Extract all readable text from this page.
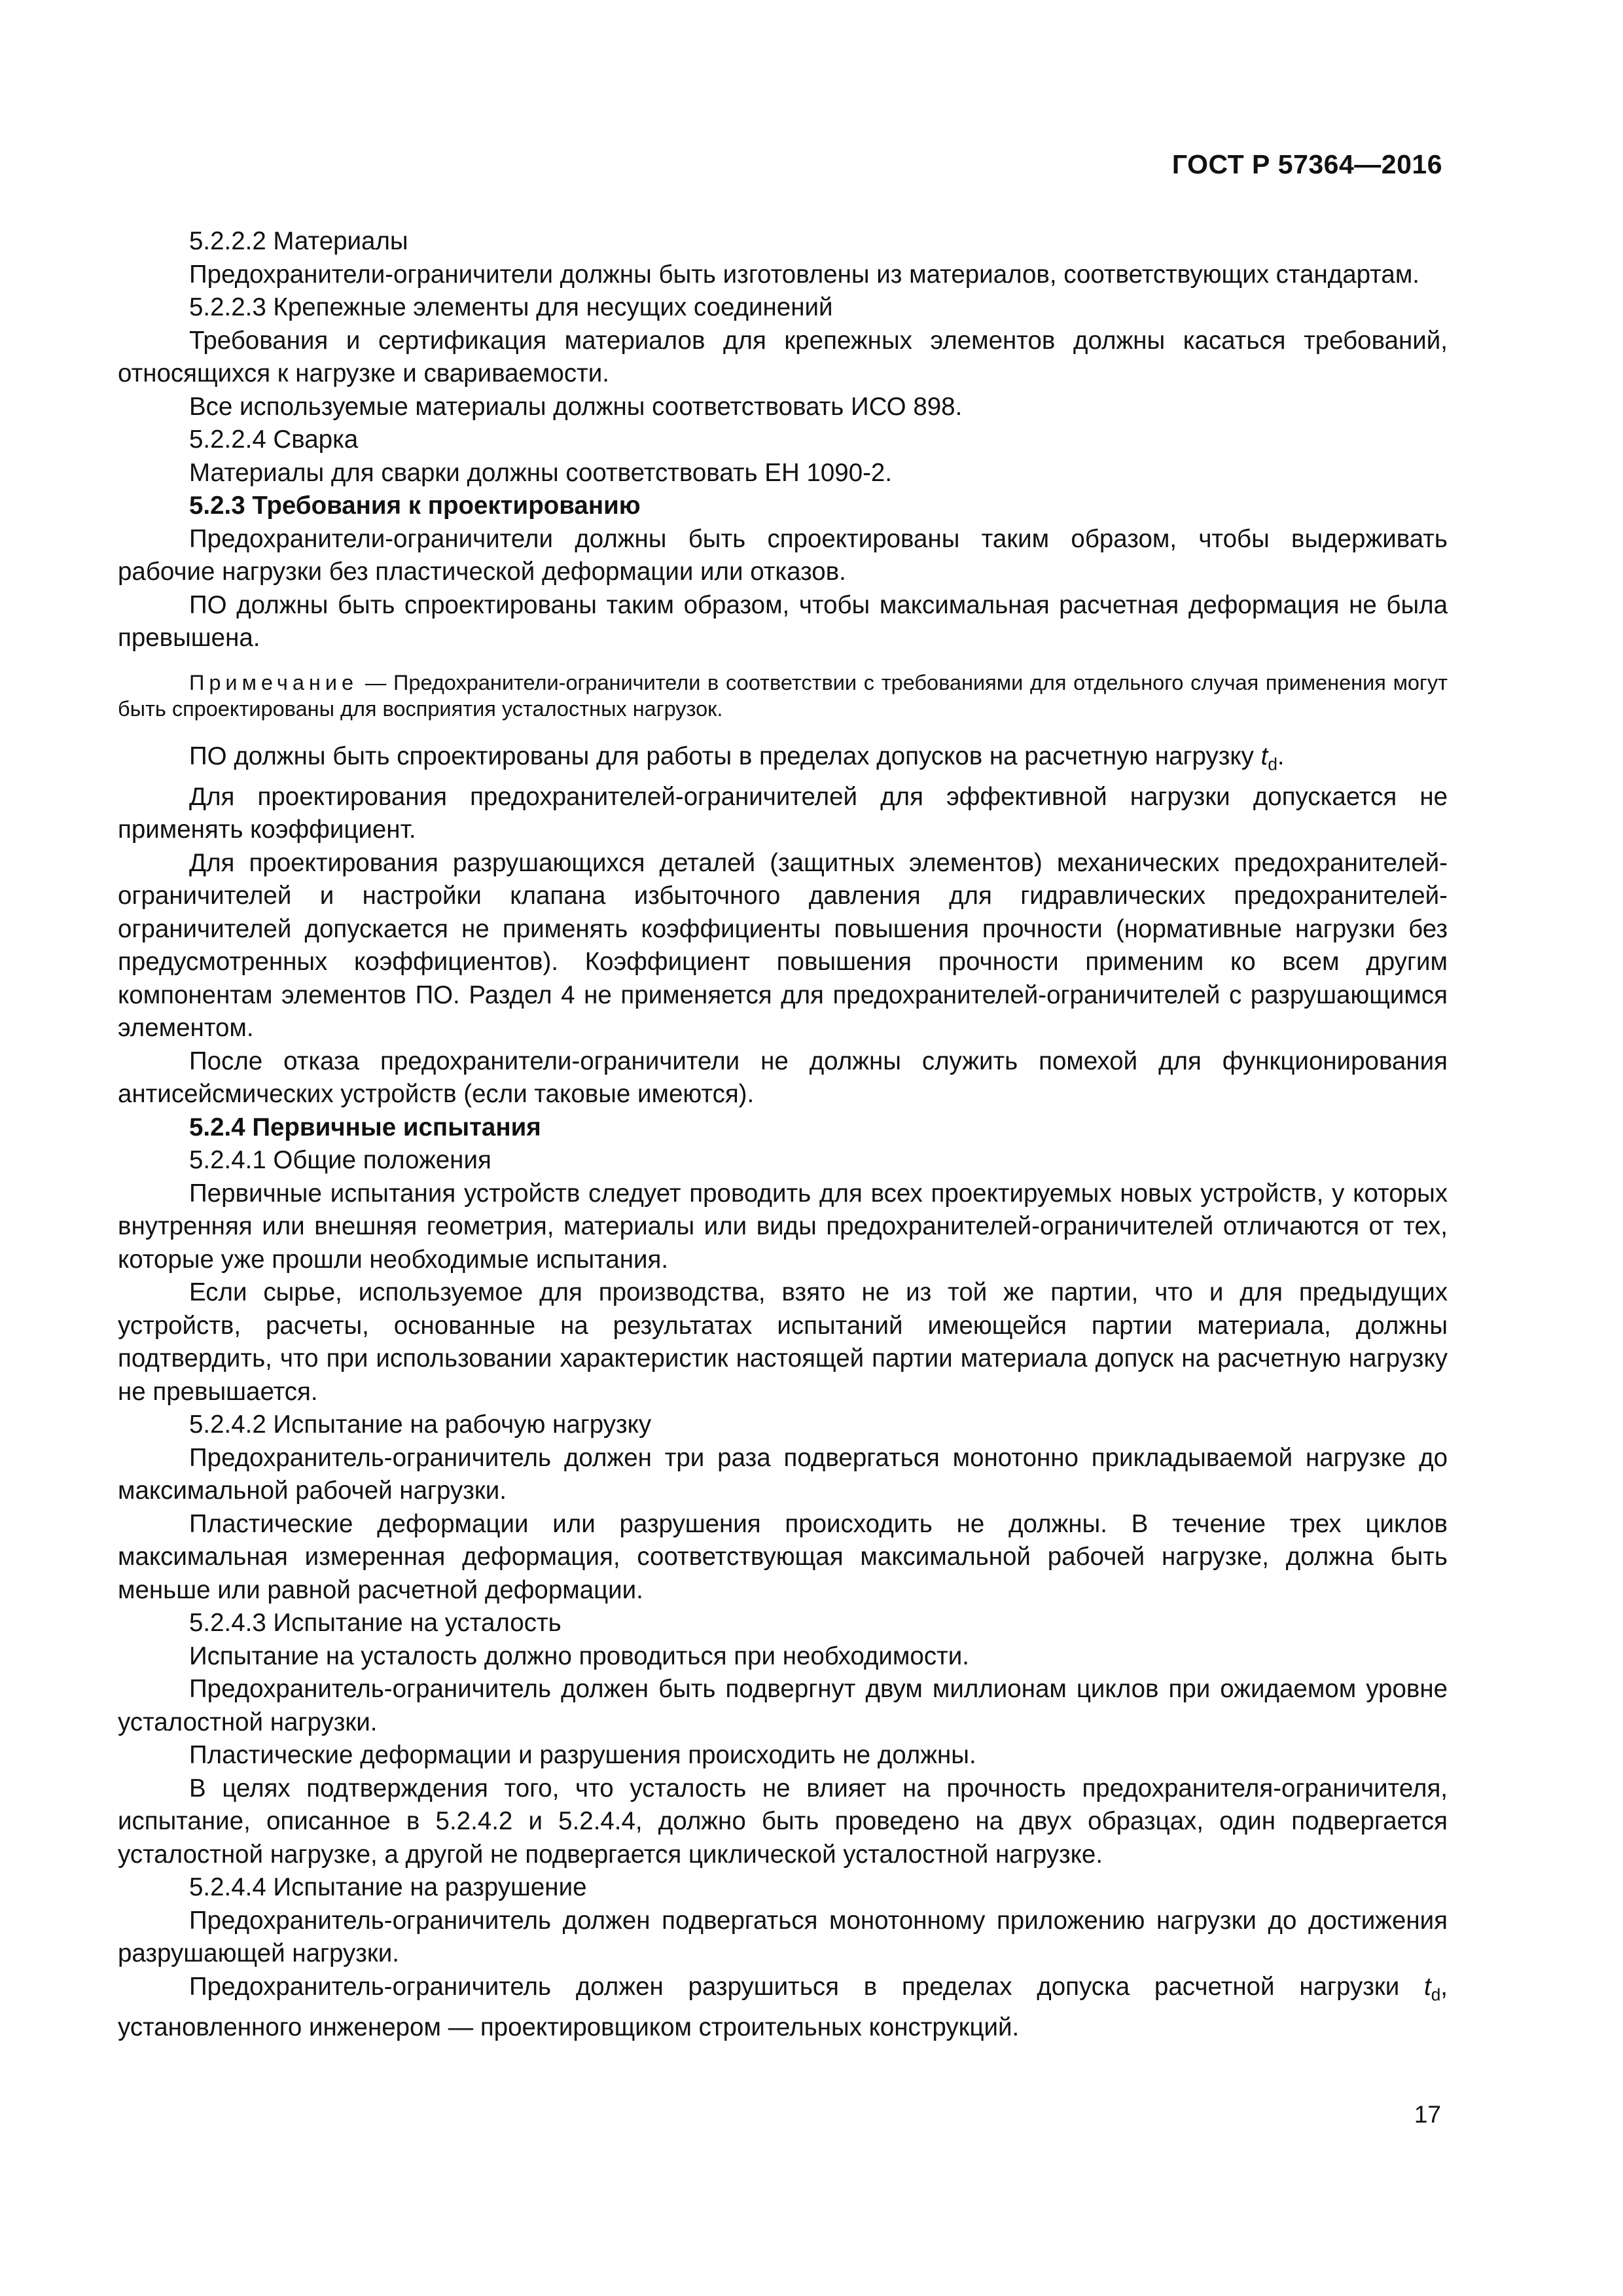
ГОСТ Р 57364—2016

5.2.2.2 Материалы

Предохранители-ограничители должны быть изготовлены из материалов, соответствующих стандартам.

5.2.2.3 Крепежные элементы для несущих соединений

Требования и сертификация материалов для крепежных элементов должны касаться требований, относящихся к нагрузке и свариваемости.

Все используемые материалы должны соответствовать ИСО 898.

5.2.2.4 Сварка

Материалы для сварки должны соответствовать ЕН 1090-2.

5.2.3 Требования к проектированию

Предохранители-ограничители должны быть спроектированы таким образом, чтобы выдерживать рабочие нагрузки без пластической деформации или отказов.

ПО должны быть спроектированы таким образом, чтобы максимальная расчетная деформация не была превышена.

Примечание — Предохранители-ограничители в соответствии с требованиями для отдельного случая применения могут быть спроектированы для восприятия усталостных нагрузок.

ПО должны быть спроектированы для работы в пределах допусков на расчетную нагрузку $t_d$.

Для проектирования предохранителей-ограничителей для эффективной нагрузки допускается не применять коэффициент.

Для проектирования разрушающихся деталей (защитных элементов) механических предохранителей-ограничителей и настройки клапана избыточного давления для гидравлических предохранителей-ограничителей допускается не применять коэффициенты повышения прочности (нормативные нагрузки без предусмотренных коэффициентов). Коэффициент повышения прочности применим ко всем другим компонентам элементов ПО. Раздел 4 не применяется для предохранителей-ограничителей с разрушающимся элементом.

После отказа предохранители-ограничители не должны служить помехой для функционирования антисейсмических устройств (если таковые имеются).

5.2.4 Первичные испытания

5.2.4.1 Общие положения

Первичные испытания устройств следует проводить для всех проектируемых новых устройств, у которых внутренняя или внешняя геометрия, материалы или виды предохранителей-ограничителей отличаются от тех, которые уже прошли необходимые испытания.

Если сырье, используемое для производства, взято не из той же партии, что и для предыдущих устройств, расчеты, основанные на результатах испытаний имеющейся партии материала, должны подтвердить, что при использовании характеристик настоящей партии материала допуск на расчетную нагрузку не превышается.

5.2.4.2 Испытание на рабочую нагрузку

Предохранитель-ограничитель должен три раза подвергаться монотонно прикладываемой нагрузке до максимальной рабочей нагрузки.

Пластические деформации или разрушения происходить не должны. В течение трех циклов максимальная измеренная деформация, соответствующая максимальной рабочей нагрузке, должна быть меньше или равной расчетной деформации.

5.2.4.3 Испытание на усталость

Испытание на усталость должно проводиться при необходимости.

Предохранитель-ограничитель должен быть подвергнут двум миллионам циклов при ожидаемом уровне усталостной нагрузки.

Пластические деформации и разрушения происходить не должны.

В целях подтверждения того, что усталость не влияет на прочность предохранителя-ограничителя, испытание, описанное в 5.2.4.2 и 5.2.4.4, должно быть проведено на двух образцах, один подвергается усталостной нагрузке, а другой не подвергается циклической усталостной нагрузке.

5.2.4.4 Испытание на разрушение

Предохранитель-ограничитель должен подвергаться монотонному приложению нагрузки до достижения разрушающей нагрузки.

Предохранитель-ограничитель должен разрушиться в пределах допуска расчетной нагрузки $t_d$, установленного инженером — проектировщиком строительных конструкций.

17
